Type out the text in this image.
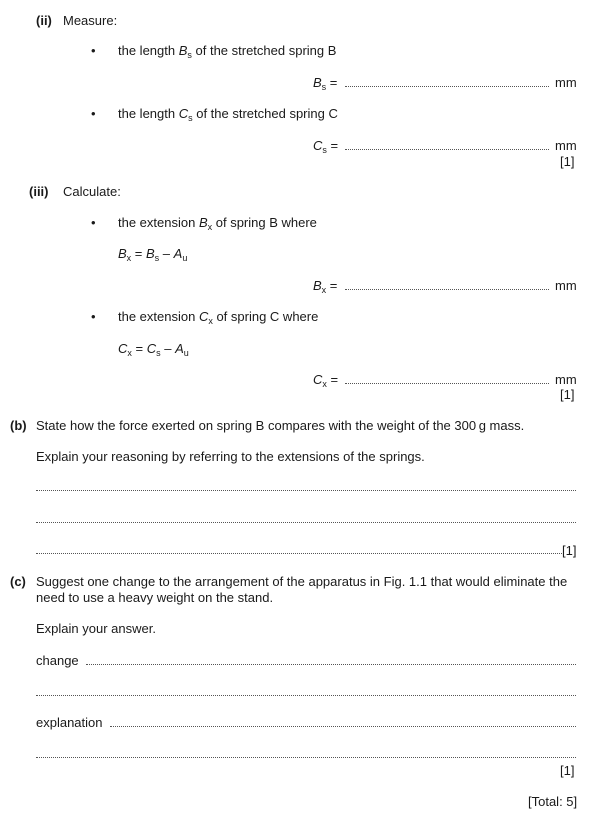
(ii) Measure:
• the length $B_s$ of the stretched spring B
$B_s$ =	mm
• the length $C_s$ of the stretched spring C
$C_s$ =	mm
[1]
(iii) Calculate:
• the extension $B_x$ of spring B where
$B_x = B_s - A_u$
$B_x$ =	mm
• the extension $C_x$ of spring C where
$C_x = C_s - A_u$
$C_x$ =	mm
[1]
(b) State how the force exerted on spring B compares with the weight of the 300 g mass.
Explain your reasoning by referring to the extensions of the springs.
[1]
(c) Suggest one change to the arrangement of the apparatus in Fig. 1.1 that would eliminate the
need to use a heavy weight on the stand.
Explain your answer.
change
explanation
[1]
[Total: 5]
